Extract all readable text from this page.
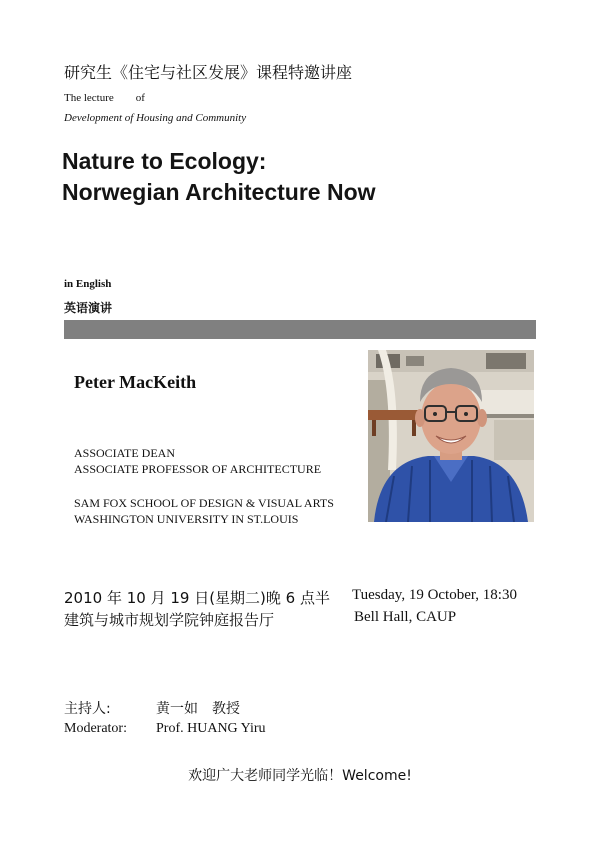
研究生《住宅与社区发展》课程特邀讲座
The lecture of
Development of Housing and Community
Nature to Ecology:
Norwegian Architecture Now
in English
英语演讲
Peter MacKeith
ASSOCIATE DEAN
ASSOCIATE PROFESSOR OF ARCHITECTURE
SAM FOX SCHOOL OF DESIGN & VISUAL ARTS
WASHINGTON UNIVERSITY IN ST.LOUIS
2010 年 10 月 19 日(星期二)晚 6 点半 Tuesday, 19 October, 18:30
建筑与城市规划学院钟庭报告厅	Bell Hall, CAUP
主持人:	黄一如　教授
Moderator: Prof. HUANG Yiru
欢迎广大老师同学光临！Welcome!
